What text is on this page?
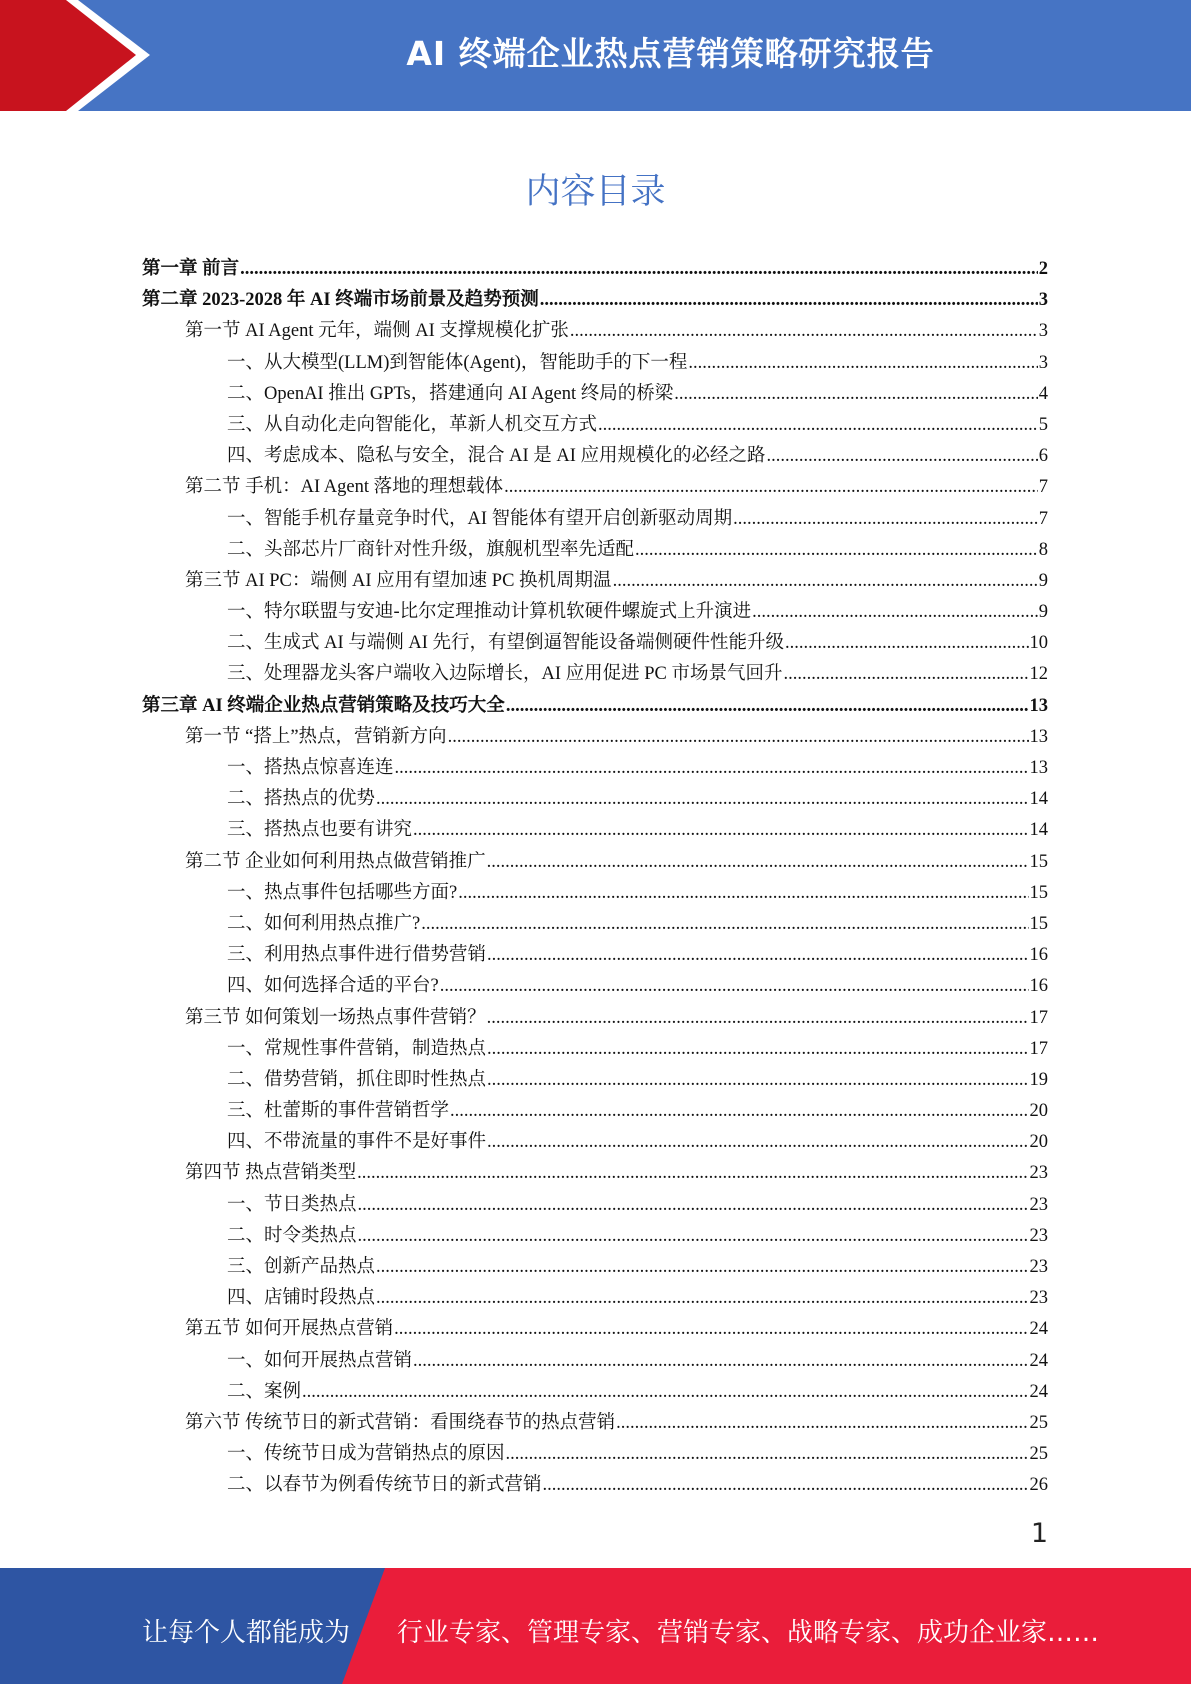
AI 终端企业热点营销策略研究报告
内容目录
第一章 前言 .....	2
第二章 2023-2028 年 AI 终端市场前景及趋势预测 .....	3
第一节 AI Agent 元年，端侧 AI 支撑规模化扩张 .....	3
一、从大模型(LLM)到智能体(Agent)，智能助手的下一程 .....	3
二、OpenAI 推出 GPTs，搭建通向 AI Agent 终局的桥梁 .....	4
三、从自动化走向智能化，革新人机交互方式 .....	5
四、考虑成本、隐私与安全，混合 AI 是 AI 应用规模化的必经之路 .....	6
第二节 手机：AI Agent 落地的理想载体 .....	7
一、智能手机存量竞争时代，AI 智能体有望开启创新驱动周期 .....	7
二、头部芯片厂商针对性升级，旗舰机型率先适配 .....	8
第三节 AI PC：端侧 AI 应用有望加速 PC 换机周期温 .....	9
一、特尔联盟与安迪-比尔定理推动计算机软硬件螺旋式上升演进 .....	9
二、生成式 AI 与端侧 AI 先行，有望倒逼智能设备端侧硬件性能升级 .....	10
三、处理器龙头客户端收入边际增长，AI 应用促进 PC 市场景气回升 .....	12
第三章 AI 终端企业热点营销策略及技巧大全 .....	13
第一节 “搭上”热点，营销新方向 .....	13
一、搭热点惊喜连连 .....	13
二、搭热点的优势 .....	14
三、搭热点也要有讲究 .....	14
第二节 企业如何利用热点做营销推广 .....	15
一、热点事件包括哪些方面? .....	15
二、如何利用热点推广? .....	15
三、利用热点事件进行借势营销 .....	16
四、如何选择合适的平台? .....	16
第三节 如何策划一场热点事件营销？ .....	17
一、常规性事件营销，制造热点 .....	17
二、借势营销，抓住即时性热点 .....	19
三、杜蕾斯的事件营销哲学 .....	20
四、不带流量的事件不是好事件 .....	20
第四节 热点营销类型 .....	23
一、节日类热点 .....	23
二、时令类热点 .....	23
三、创新产品热点 .....	23
四、店铺时段热点 .....	23
第五节 如何开展热点营销 .....	24
一、如何开展热点营销 .....	24
二、案例 .....	24
第六节 传统节日的新式营销：看围绕春节的热点营销 .....	25
一、传统节日成为营销热点的原因 .....	25
二、以春节为例看传统节日的新式营销 .....	26
1
让每个人都能成为 行业专家、管理专家、营销专家、战略专家、成功企业家……
